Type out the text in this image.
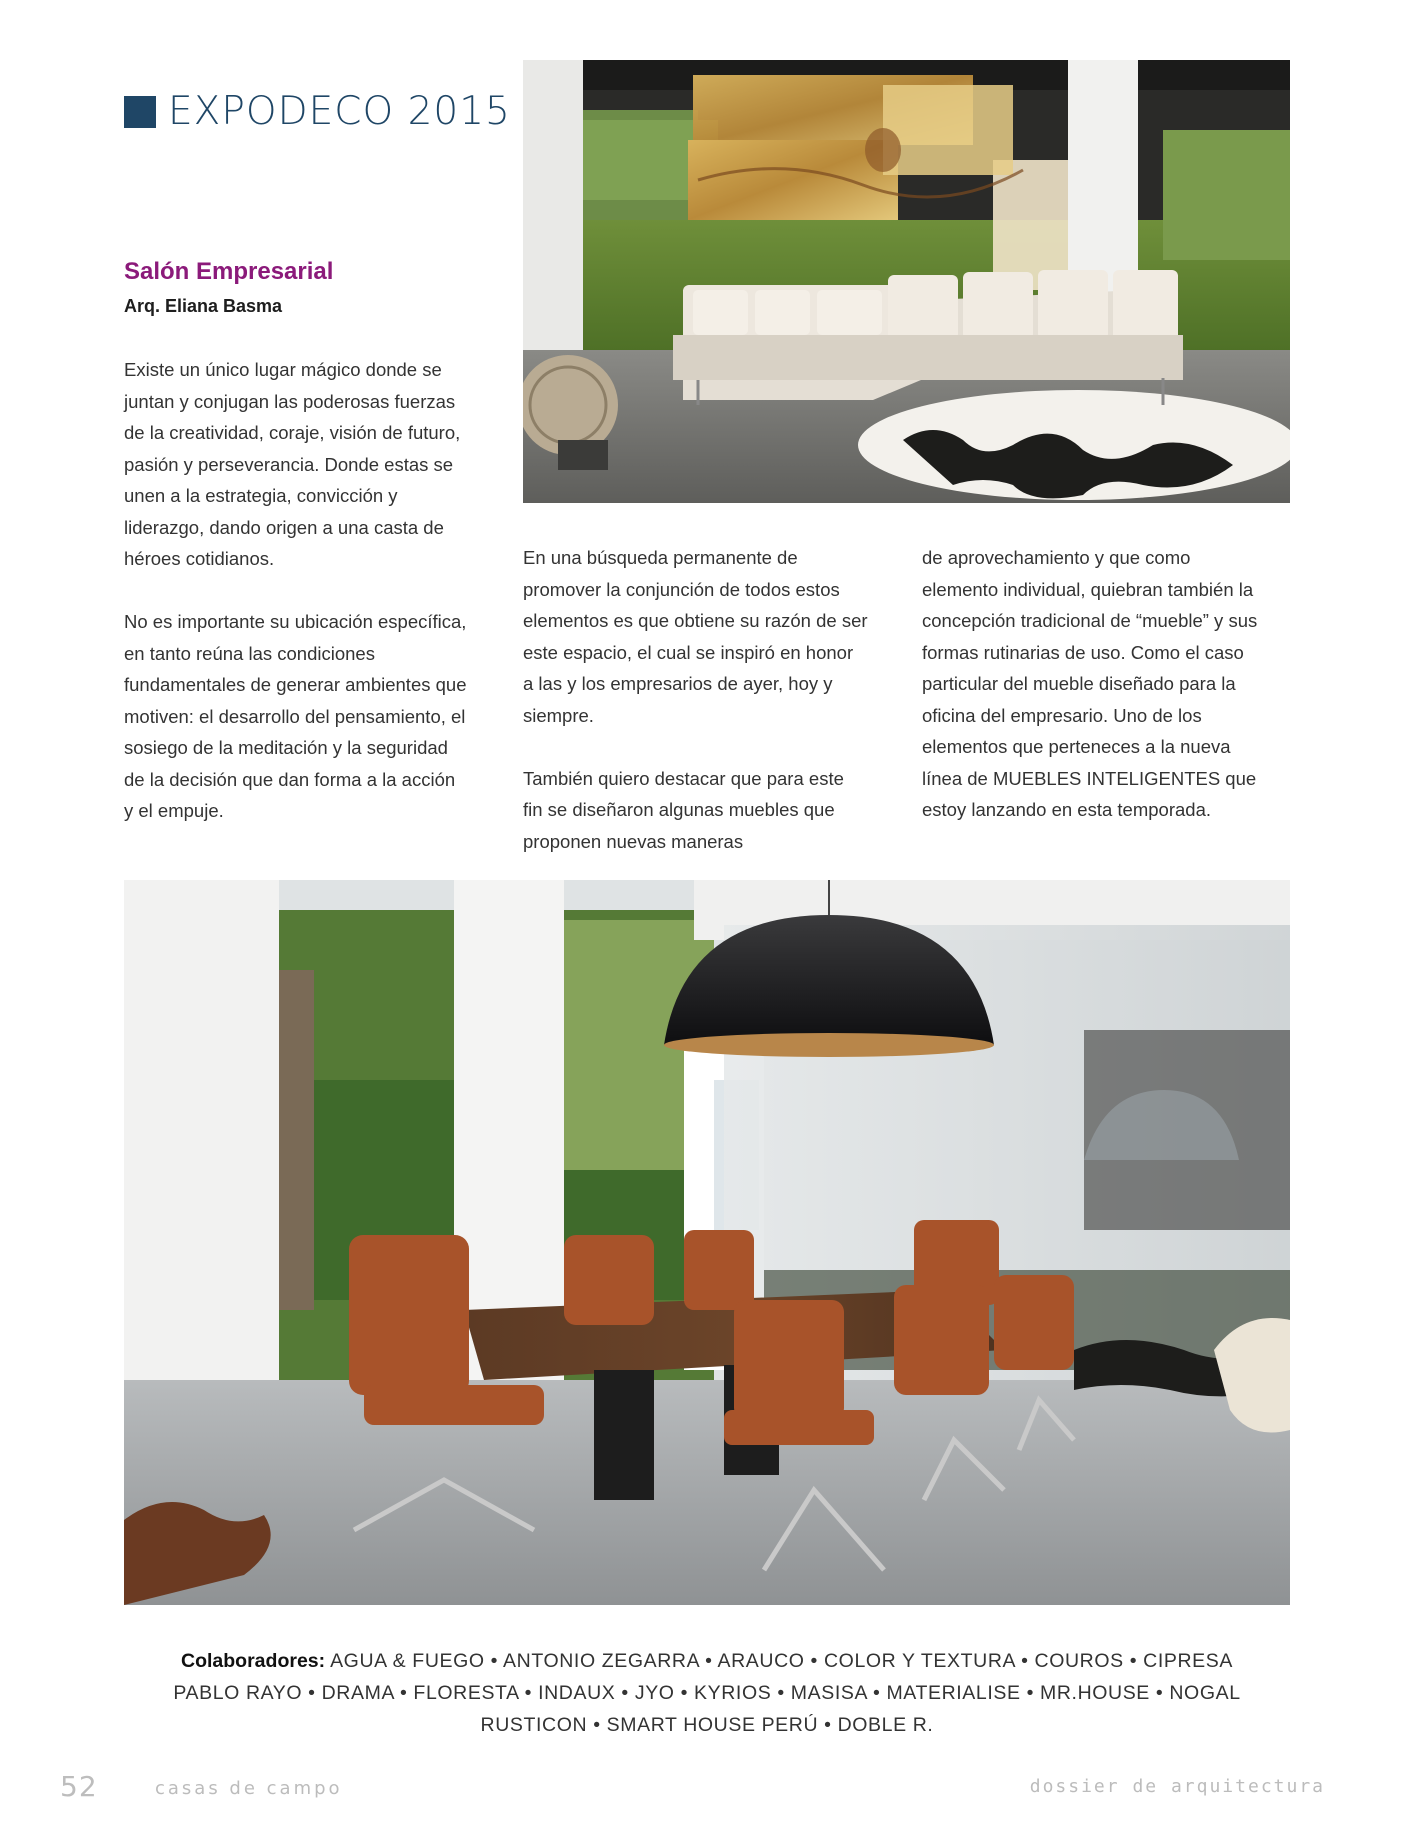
EXPODECO 2015
Salón Empresarial
Arq. Eliana Basma

Existe un único lugar mágico donde se juntan y conjugan las poderosas fuerzas de la creatividad, coraje, visión de futuro, pasión y perseverancia. Donde estas se unen a la estrategia, convicción y liderazgo, dando origen a una casta de héroes cotidianos.

No es importante su ubicación específica, en tanto reúna las condiciones fundamentales de generar ambientes que motiven: el desarrollo del pensamiento, el sosiego de la meditación y la seguridad de la decisión que dan forma a la acción y el empuje.

En una búsqueda permanente de promover la conjunción de todos estos elementos es que obtiene su razón de ser este espacio, el cual se inspiró en honor a las y los empresarios de ayer, hoy y siempre.

También quiero destacar que para este fin se diseñaron algunas muebles que proponen nuevas maneras

de aprovechamiento y que como elemento individual, quiebran también la concepción tradicional de “mueble” y sus formas rutinarias de uso. Como el caso particular del mueble diseñado para la oficina del empresario. Uno de los elementos que perteneces a la nueva línea de MUEBLES INTELIGENTES que estoy lanzando en esta temporada.

Colaboradores: AGUA & FUEGO • ANTONIO ZEGARRA • ARAUCO • COLOR Y TEXTURA • COUROS • CIPRESA
PABLO RAYO • DRAMA • FLORESTA • INDAUX • JYO • KYRIOS • MASISA • MATERIALISE • MR.HOUSE • NOGAL
RUSTICON • SMART HOUSE PERÚ • DOBLE R.
52	casas de campo	dossier de arquitectura
